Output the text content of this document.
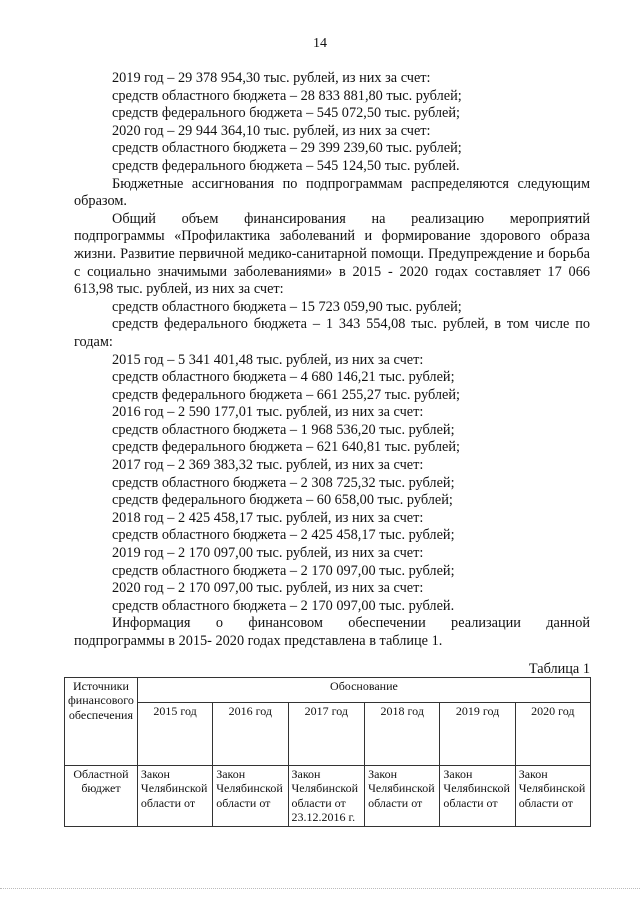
14

2019 год – 29 378 954,30 тыс. рублей, из них за счет:

средств областного бюджета – 28 833 881,80 тыс. рублей;

средств федерального бюджета – 545 072,50 тыс. рублей;

2020 год – 29 944 364,10 тыс. рублей, из них за счет:

средств областного бюджета – 29 399 239,60 тыс. рублей;

средств федерального бюджета – 545 124,50 тыс. рублей.

Бюджетные ассигнования по подпрограммам распределяются следующим

образом.

Общий объем финансирования на реализацию мероприятий

подпрограммы «Профилактика заболеваний и формирование здорового образа жизни. Развитие первичной медико-санитарной помощи. Предупреждение и борьба с социально значимыми заболеваниями» в 2015 - 2020 годах составляет 17 066 613,98 тыс. рублей, из них за счет:

средств областного бюджета – 15 723 059,90 тыс. рублей;

средств федерального бюджета – 1 343 554,08 тыс. рублей, в том числе по

годам:

2015 год – 5 341 401,48 тыс. рублей, из них за счет:

средств областного бюджета – 4 680 146,21 тыс. рублей;

средств федерального бюджета – 661 255,27 тыс. рублей;

2016 год – 2 590 177,01 тыс. рублей, из них за счет:

средств областного бюджета – 1 968 536,20 тыс. рублей;

средств федерального бюджета – 621 640,81 тыс. рублей;

2017 год – 2 369 383,32 тыс. рублей, из них за счет:

средств областного бюджета – 2 308 725,32 тыс. рублей;

средств федерального бюджета – 60 658,00 тыс. рублей;

2018 год – 2 425 458,17 тыс. рублей, из них за счет:

средств областного бюджета – 2 425 458,17 тыс. рублей;

2019 год – 2 170 097,00 тыс. рублей, из них за счет:

средств областного бюджета – 2 170 097,00 тыс. рублей;

2020 год – 2 170 097,00 тыс. рублей, из них за счет:

средств областного бюджета – 2 170 097,00 тыс. рублей.

Информация о финансовом обеспечении реализации данной

подпрограммы в 2015- 2020 годах представлена в таблице 1.

Таблица 1
Источники финансового обеспечения	Обоснование					
	2015 год	2016 год	2017 год	2018 год	2019 год	2020 год
Областной бюджет	Закон Челябинской области от	Закон Челябинской области от	Закон Челябинской области от 23.12.2016 г.	Закон Челябинской области от	Закон Челябинской области от	Закон Челябинской области от
